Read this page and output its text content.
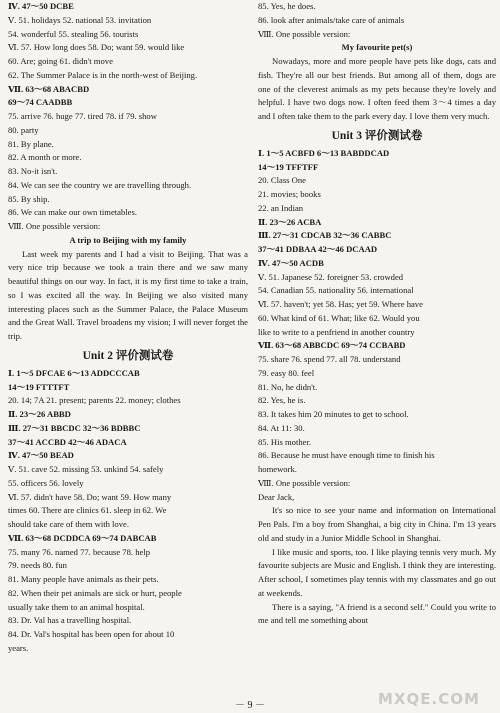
Ⅳ. 47～50 DCBE
Ⅴ. 51. holidays 52. national 53. invitation
54. wonderful 55. stealing 56. tourists
Ⅵ. 57. How long does 58. Do; want 59. would like
60. Are; going 61. didn't move
62. The Summer Palace is in the north-west of Beijing.
Ⅶ. 63～68 ABACBD
69～74 CAADBB
75. arrive 76. huge 77. tired 78. if 79. show
80. party
81. By plane.
82. A month or more.
83. No-it isn't.
84. We can see the country we are travelling through.
85. By ship.
86. We can make our own timetables.
Ⅷ. One possible version:
A trip to Beijing with my family
Last week my parents and I had a visit to Beijing. That was a very nice trip because we took a train there and we saw many beautiful things on our way. In fact, it is my first time to take a train, so I was excited all the way. In Beijing we also visited many interesting places such as the Summer Palace, the Palace Museum and the Great Wall. Travel broadens my vision; I will never forget the trip.
Unit 2 评价测试卷
Ⅰ. 1～5 DFCAE 6～13 ADDCCCAB
14～19 FTTTFT
20. 14; 7A 21. present; parents 22. money; clothes
Ⅱ. 23～26 ABBD
Ⅲ. 27～31 BBCDC 32～36 BDBBC
37～41 ACCBD 42～46 ADACA
Ⅳ. 47～50 BEAD
Ⅴ. 51. cave 52. missing 53. unkind 54. safely
55. officers 56. lovely
Ⅵ. 57. didn't have 58. Do; want 59. How many
times 60. There are clinics 61. sleep in 62. We
should take care of them with love.
Ⅶ. 63～68 DCDDCA 69～74 DABCAB
75. many 76. named 77. because 78. help
79. needs 80. fun
81. Many people have animals as their pets.
82. When their pet animals are sick or hurt, people
usually take them to an animal hospital.
83. Dr. Val has a travelling hospital.
84. Dr. Val's hospital has been open for about 10
years.
85. Yes, he does.
86. look after animals/take care of animals
Ⅷ. One possible version:
My favourite pet(s)
Nowadays, more and more people have pets like dogs, cats and fish. They're all our best friends. But among all of them, dogs are one of the cleverest animals as my pets because they're lovely and helpful. I have two dogs now. I often feed them 3～4 times a day and I often take them to the park every day. I love them very much.
Unit 3 评价测试卷
Ⅰ. 1～5 ACBFD 6～13 BABDDCAD
14～19 TFFTFF
20. Class One
21. movies; books
22. an Indian
Ⅱ. 23～26 ACBA
Ⅲ. 27～31 CDCAB 32～36 CABBC
37～41 DDBAA 42～46 DCAAD
Ⅳ. 47～50 ACDB
Ⅴ. 51. Japanese 52. foreigner 53. crowded
54. Canadian 55. nationality 56. international
Ⅵ. 57. haven't; yet 58. Has; yet 59. Where have
60. What kind of 61. What; like 62. Would you
like to write to a penfriend in another country
Ⅶ. 63～68 ABBCDC 69～74 CCBABD
75. share 76. spend 77. all 78. understand
79. easy 80. feel
81. No, he didn't.
82. Yes, he is.
83. It takes him 20 minutes to get to school.
84. At 11: 30.
85. His mother.
86. Because he must have enough time to finish his
homework.
Ⅷ. One possible version:
Dear Jack,
It's so nice to see your name and information on International Pen Pals. I'm a boy from Shanghai, a big city in China. I'm 13 years old and study in a Junior Middle School in Shanghai.
I like music and sports, too. I like playing tennis very much. My favourite subjects are Music and English. I think they are interesting. After school, I sometimes play tennis with my classmates and go out at weekends.
There is a saying, "A friend is a second self." Could you write to me and tell me something about
－ 9 －	MXQE.COM
